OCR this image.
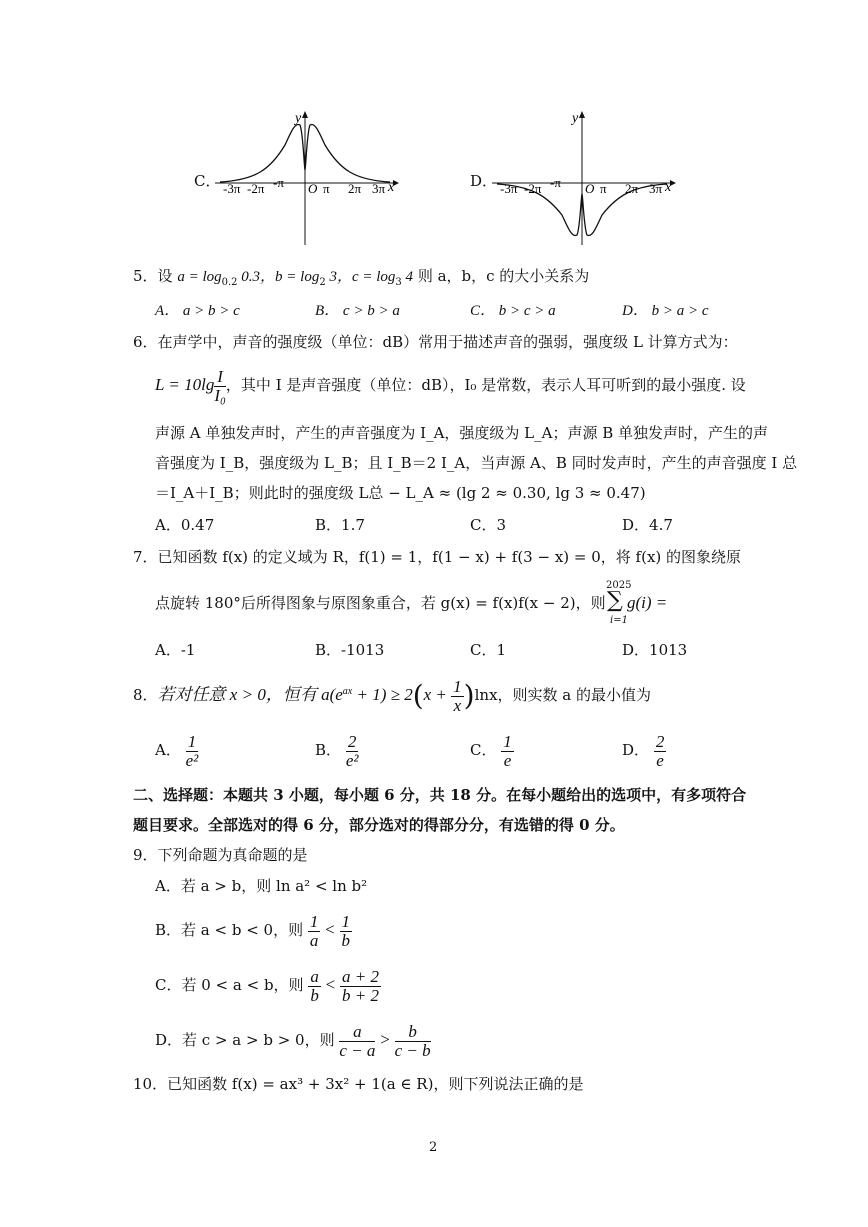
C．
y
x
-3π -2π -π O π 2π 3π	D．
y
x
-3π -2π -π O π 2π 3π
5．设 $a = \log_{0.2} 0.3$，$b = \log_2 3$，$c = \log_3 4$ 则 a，b，c 的大小关系为
A． a > b > c	B． c > b > a	C． b > c > a	D． b > a > c
6．在声学中，声音的强度级（单位：dB）常用于描述声音的强弱，强度级 L 计算方式为：
$L = 10\lg \frac{I}{\text{I₀}}$ ，其中 I 是声音强度（单位：dB），I₀ 是常数，表示人耳可听到的最小强度. 设
声源 A 单独发声时，产生的声音强度为 I_A，强度级为 L_A；声源 B 单独发声时，产生的声
音强度为 I_B，强度级为 L_B；且 I_B＝2 I_A，当声源 A、B 同时发声时，产生的声音强度 I 总
＝I_A＋I_B；则此时的强度级 L总 − L_A ≈ (lg 2 ≈ 0.30, lg 3 ≈ 0.47)
A．0.47	B．1.7	C．3	D．4.7
7．已知函数 f(x) 的定义域为 R，f(1) = 1，f(1 − x) + f(3 − x) = 0，将 f(x) 的图象绕原
点旋转 180°后所得图象与原图象重合，若 g(x) = f(x)f(x − 2)，则
2025
∑
i=1
g(i) =
A．-1	B．-1013	C．1	D．1013
8．若对任意 x > 0，恒有 $a(e^{ax} + 1) \ge 2(x + \frac{1}{x} )\ln x$，则实数 a 的最小值为
A． $\frac{1}{\text{e²}}$	B． $\frac{2}{\text{e²}}$	C． $\frac{1}{e}$	D． $\frac{2}{e}$
二、选择题：本题共 3 小题，每小题 6 分，共 18 分。在每小题给出的选项中，有多项符合
题目要求。全部选对的得 6 分，部分选对的得部分分，有选错的得 0 分。
9．下列命题为真命题的是
A．若 a > b，则 ln a² < ln b²
B．若 a < b < 0，则 $\frac{1}{a} < \frac{1}{b}$
C．若 0 < a < b，则 $\frac{a}{b} < \frac{a + 2}{b + 2}$
D．若 c > a > b > 0，则 $\frac{a}{c - a} > \frac{b}{c - b}$
10．已知函数 f(x) = ax³ + 3x² + 1(a ∈ R)，则下列说法正确的是
2
